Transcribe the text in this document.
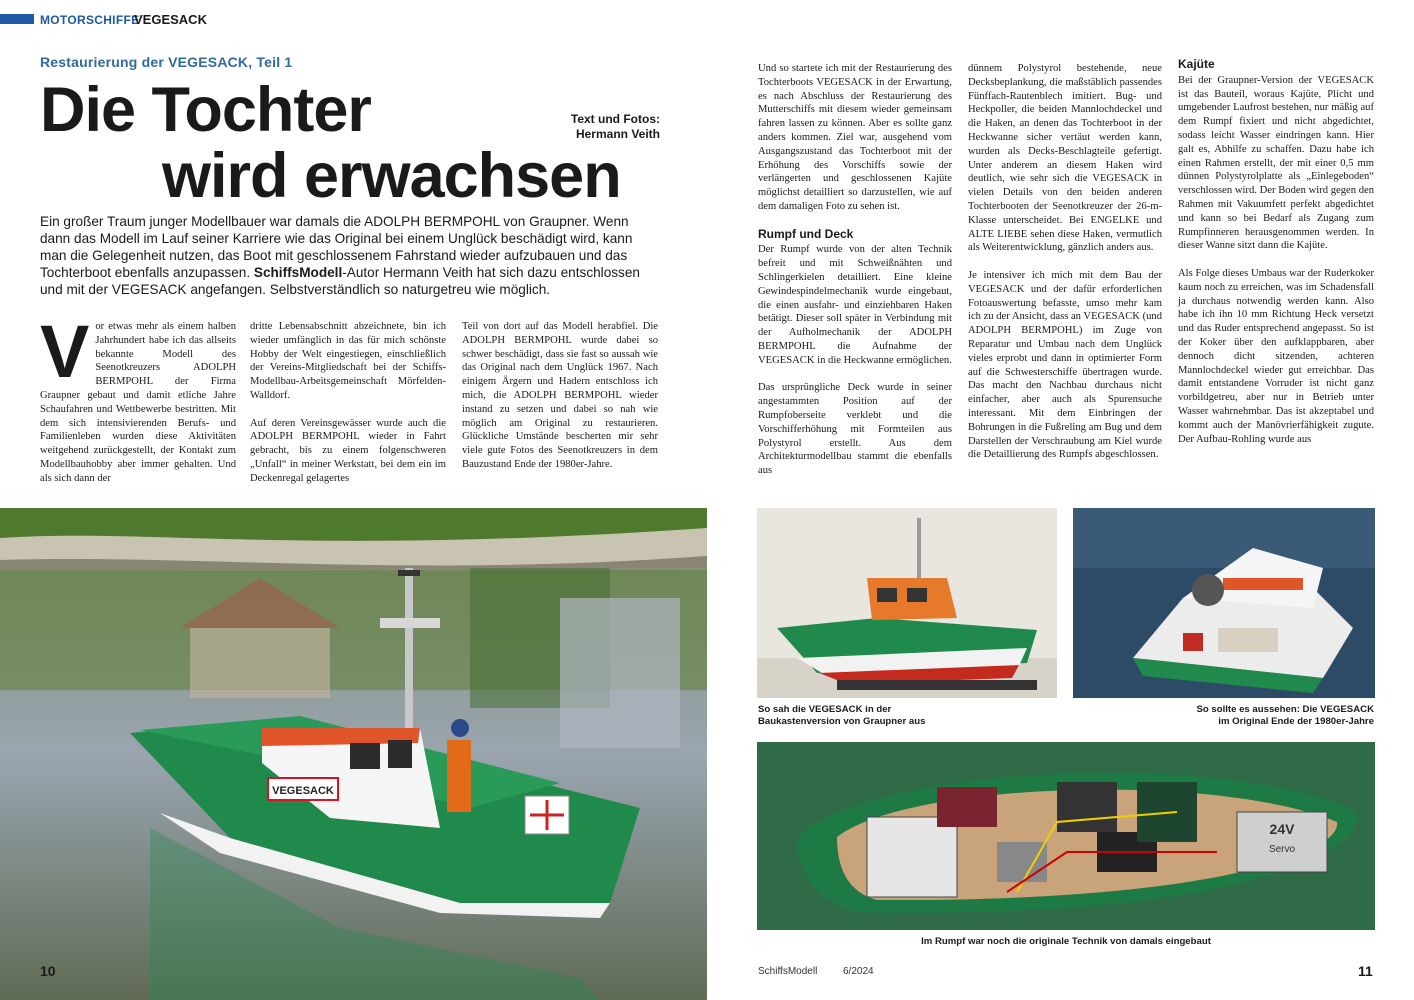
MOTORSCHIFFE
VEGESACK
Restaurierung der VEGESACK, Teil 1
Die Tochter
wird erwachsen
Text und Fotos:
Hermann Veith
Ein großer Traum junger Modellbauer war damals die ADOLPH BERMPOHL von Graupner. Wenn dann das Modell im Lauf seiner Karriere wie das Original bei einem Unglück beschädigt wird, kann man die Gelegenheit nutzen, das Boot mit geschlossenem Fahrstand wieder aufzubauen und das Tochterboot ebenfalls anzupassen. SchiffsModell-Autor Hermann Veith hat sich dazu entschlossen und mit der VEGESACK angefangen. Selbstverständlich so naturgetreu wie möglich.
V or etwas mehr als einem halben Jahrhundert habe ich das allseits bekannte Modell des Seenotkreuzers ADOLPH BERMPOHL der Firma Graupner gebaut und damit etliche Jahre Schaufahren und Wettbewerbe bestritten. Mit dem sich intensivierenden Berufs- und Familienleben wurden diese Aktivitäten weitgehend zurückgestellt, der Kontakt zum Modellbauhobby aber immer gehalten. Und als sich dann der

dritte Lebensabschnitt abzeichnete, bin ich wieder umfänglich in das für mich schönste Hobby der Welt eingestiegen, einschließlich der Vereins-Mitgliedschaft bei der Schiffs-Modellbau-Arbeitsgemeinschaft Mörfelden-Walldorf.

Auf deren Vereinsgewässer wurde auch die ADOLPH BERMPOHL wieder in Fahrt gebracht, bis zu einem folgenschweren „Unfall“ in meiner Werkstatt, bei dem ein im Deckenregal gelagertes

Teil von dort auf das Modell herabfiel. Die ADOLPH BERMPOHL wurde dabei so schwer beschädigt, dass sie fast so aussah wie das Original nach dem Unglück 1967. Nach einigem Ärgern und Hadern entschloss ich mich, die ADOLPH BERMPOHL wieder instand zu setzen und dabei so nah wie möglich am Original zu restaurieren. Glückliche Umstände bescherten mir sehr viele gute Fotos des Seenotkreuzers in dem Bauzustand Ende der 1980er-Jahre.

Und so startete ich mit der Restaurierung des Tochterboots VEGESACK in der Erwartung, es nach Abschluss der Restaurierung des Mutterschiffs mit diesem wieder gemeinsam fahren lassen zu können. Aber es sollte ganz anders kommen. Ziel war, ausgehend vom Ausgangszustand das Tochterboot mit der Erhöhung des Vorschiffs sowie der verlängerten und geschlossenen Kajüte möglichst detailliert so darzustellen, wie auf dem damaligen Foto zu sehen ist.

Rumpf und Deck

Der Rumpf wurde von der alten Technik befreit und mit Schweißnähten und Schlingerkielen detailliert. Eine kleine Gewindespindelmechanik wurde eingebaut, die einen ausfahr- und einziehbaren Haken betätigt. Dieser soll später in Verbindung mit der Aufholmechanik der ADOLPH BERMPOHL die Aufnahme der VEGESACK in die Heckwanne ermöglichen.

Das ursprüngliche Deck wurde in seiner angestammten Position auf der Rumpfoberseite verklebt und die Vorschifferhöhung mit Formteilen aus Polystyrol erstellt. Aus dem Architekturmodellbau stammt die ebenfalls aus

dünnem Polystyrol bestehende, neue Decksbeplankung, die maßstäblich passendes Fünffach-Rautenblech imitiert. Bug- und Heckpoller, die beiden Mannlochdeckel und die Haken, an denen das Tochterboot in der Heckwanne sicher vertäut werden kann, wurden als Decks-Beschlagteile gefertigt. Unter anderem an diesem Haken wird deutlich, wie sehr sich die VEGESACK in vielen Details von den beiden anderen Tochterbooten der Seenotkreuzer der 26-m-Klasse unterscheidet. Bei ENGELKE und ALTE LIEBE sehen diese Haken, vermutlich als Weiterentwicklung, gänzlich anders aus.

Je intensiver ich mich mit dem Bau der VEGESACK und der dafür erforderlichen Fotoauswertung befasste, umso mehr kam ich zu der Ansicht, dass an VEGESACK (und ADOLPH BERMPOHL) im Zuge von Reparatur und Umbau nach dem Unglück vieles erprobt und dann in optimierter Form auf die Schwesterschiffe übertragen wurde. Das macht den Nachbau durchaus nicht einfacher, aber auch als Spurensuche interessant. Mit dem Einbringen der Bohrungen in die Fußreling am Bug und dem Darstellen der Verschraubung am Kiel wurde die Detaillierung des Rumpfs abgeschlossen.

Kajüte

Bei der Graupner-Version der VEGESACK ist das Bauteil, woraus Kajüte, Plicht und umgebender Laufrost bestehen, nur mäßig auf dem Rumpf fixiert und nicht abgedichtet, sodass leicht Wasser eindringen kann. Hier galt es, Abhilfe zu schaffen. Dazu habe ich einen Rahmen erstellt, der mit einer 0,5 mm dünnen Polystyrolplatte als „Einlegeboden“ verschlossen wird. Der Boden wird gegen den Rahmen mit Vakuumfett perfekt abgedichtet und kann so bei Bedarf als Zugang zum Rumpfinneren herausgenommen werden. In dieser Wanne sitzt dann die Kajüte.

Als Folge dieses Umbaus war der Ruderkoker kaum noch zu erreichen, was im Schadensfall ja durchaus notwendig werden kann. Also habe ich ihn 10 mm Richtung Heck versetzt und das Ruder entsprechend angepasst. So ist der Koker über den aufklappbaren, aber dennoch dicht sitzenden, achteren Mannlochdeckel wieder gut erreichbar. Das damit entstandene Vorruder ist nicht ganz vorbildgetreu, aber nur in Betrieb unter Wasser wahrnehmbar. Das ist akzeptabel und kommt auch der Manövrierfähigkeit zugute. Der Aufbau-Rohling wurde aus

VEGESACK
So sah die VEGESACK in der
Baukastenversion von Graupner aus
So sollte es aussehen: Die VEGESACK
im Original Ende der 1980er-Jahre
24V
Servo
Im Rumpf war noch die originale Technik von damals eingebaut
10	SchiffsModell	6/2024	11
